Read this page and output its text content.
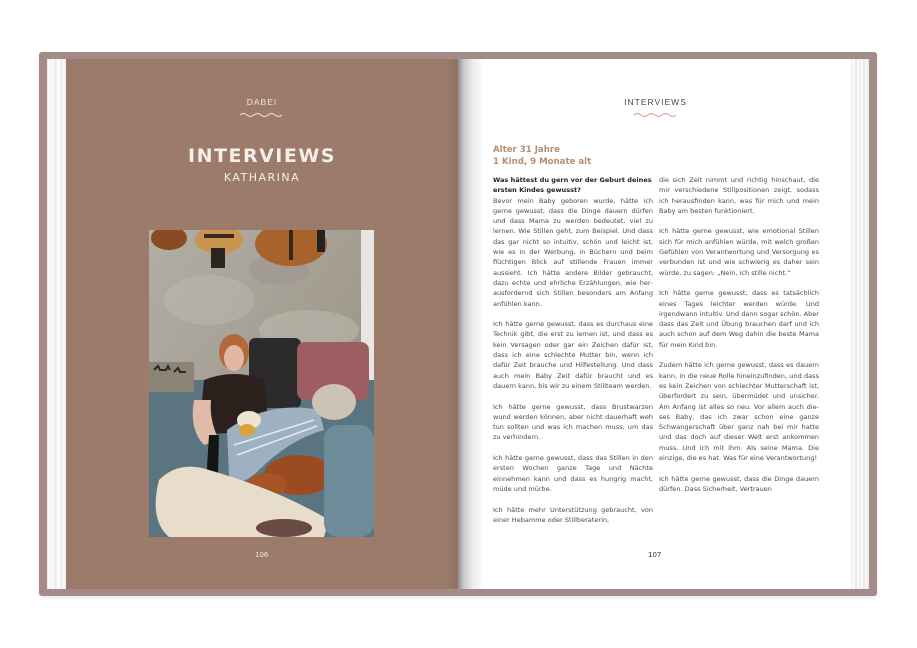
DABEI
INTERVIEWS
KATHARINA
106
INTERVIEWS
Alter 31 Jahre
1 Kind, 9 Monate alt

Was hättest du gern vor der Geburt deines ersten Kindes gewusst?

Bevor mein Baby geboren wurde, hätte ich gerne gewusst, dass die Dinge dauern dürfen und dass Mama zu werden bedeutet, viel zu lernen. Wie Stillen geht, zum Beispiel. Und dass das gar nicht so intuitiv, schön und leicht ist, wie es in der Werbung, in Büchern und beim flüchtigen Blick auf stillende Frauen immer aussieht. Ich hätte andere Bilder gebraucht, dazu echte und ehrliche Erzählungen, wie herausfordernd sich Stillen besonders am Anfang anfühlen kann.

Ich hätte gerne gewusst, dass es durchaus eine Technik gibt, die erst zu lernen ist, und dass es kein Versagen oder gar ein Zeichen dafür ist, dass ich eine schlechte Mutter bin, wenn ich dafür Zeit brauche und Hilfestellung. Und dass auch mein Baby Zeit dafür braucht und es dauern kann, bis wir zu einem Stillteam werden.

Ich hätte gerne gewusst, dass Brustwarzen wund werden können, aber nicht dauerhaft weh tun sollten und was ich machen muss, um das zu verhindern.

Ich hätte gerne gewusst, dass das Stillen in den ersten Wochen ganze Tage und Nächte einnehmen kann und dass es hungrig macht, müde und mürbe.

Ich hätte mehr Unterstützung gebraucht, von einer Hebamme oder Stillberaterin,

die sich Zeit nimmt und richtig hinschaut, die mir verschiedene Stillpositionen zeigt, sodass ich herausfinden kann, was für mich und mein Baby am besten funktioniert.

Ich hätte gerne gewusst, wie emotional Stillen sich für mich anfühlen würde, mit welch großen Gefühlen von Verantwortung und Versorgung es verbunden ist und wie schwierig es daher sein würde, zu sagen: „Nein, ich stille nicht.“

Ich hätte gerne gewusst, dass es tatsächlich eines Tages leichter werden würde. Und irgendwann intuitiv. Und dann sogar schön. Aber dass das Zeit und Übung brauchen darf und ich auch schon auf dem Weg dahin die beste Mama für mein Kind bin.

Zudem hätte ich gerne gewusst, dass es dauern kann, in die neue Rolle hineinzufinden, und dass es kein Zeichen von schlechter Mutterschaft ist, überfordert zu sein, übermüdet und unsicher. Am Anfang ist alles so neu. Vor allem auch dieses Baby, das ich zwar schon eine ganze Schwangerschaft über ganz nah bei mir hatte und das doch auf dieser Welt erst ankommen muss. Und ich mit ihm. Als seine Mama. Die einzige, die es hat. Was für eine Verantwortung!

Ich hätte gerne gewusst, dass die Dinge dauern dürfen. Dass Sicherheit, Vertrauen

107
